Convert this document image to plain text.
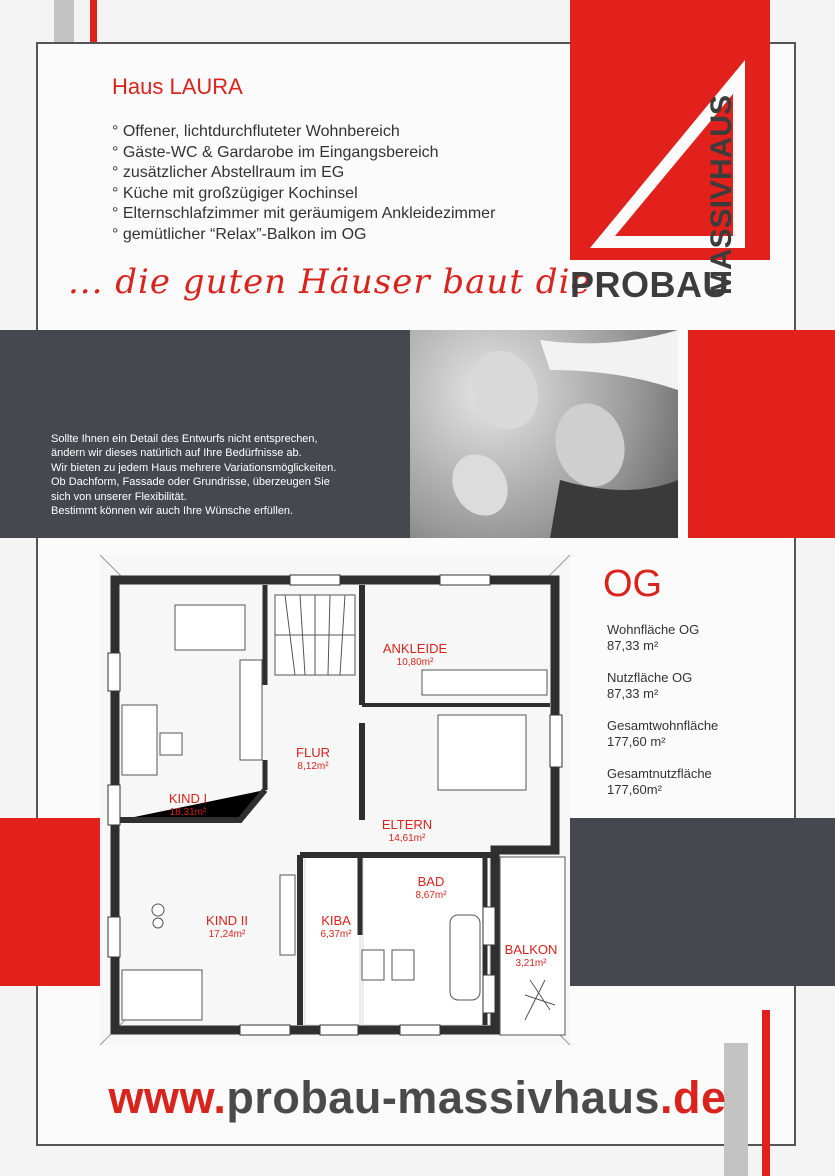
Haus LAURA
° Offener, lichtdurchfluteter Wohnbereich
° Gäste-WC & Gardarobe im Eingangsbereich
° zusätzlicher Abstellraum im EG
° Küche mit großzügiger Kochinsel
° Elternschlafzimmer mit geräumigem Ankleidezimmer
° gemütlicher “Relax”-Balkon im OG
... die guten Häuser baut die
PROBAU
MASSIVHAUS
Sollte Ihnen ein Detail des Entwurfs nicht entsprechen,
ändern wir dieses natürlich auf Ihre Bedürfnisse ab.
Wir bieten zu jedem Haus mehrere Variationsmöglickeiten.
Ob Dachform, Fassade oder Grundrisse, überzeugen Sie
sich von unserer Flexibilität.
Bestimmt können wir auch Ihre Wünsche erfüllen.
ANKLEIDE
10,80m²
FLUR
8,12m²
KIND I
18,31m²
ELTERN
14,61m²
BAD
8,67m²
KIND II
17,24m²
KIBA
6,37m²
BALKON
3,21m²
OG
Wohnfläche OG
87,33 m²
Nutzfläche OG
87,33 m²
Gesamtwohnfläche
177,60 m²
Gesamtnutzfläche
177,60m²
www.probau-massivhaus.de
